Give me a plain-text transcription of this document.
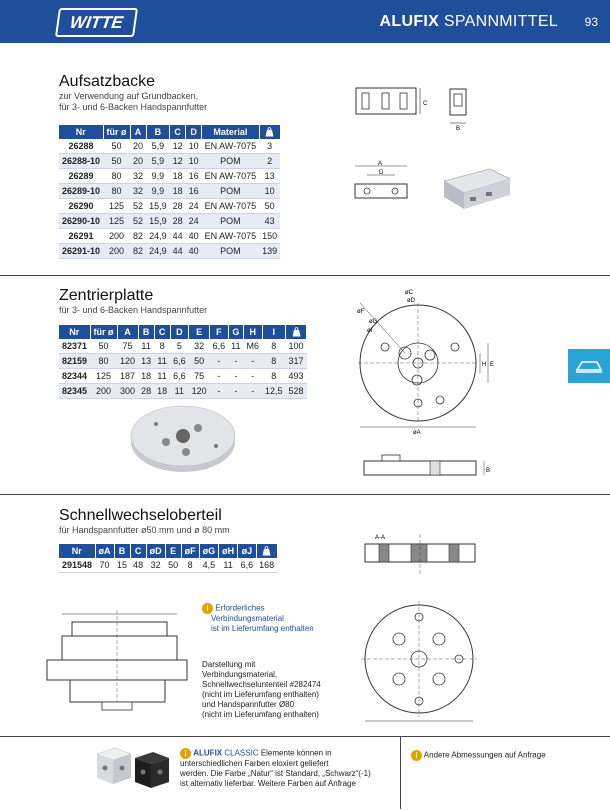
WITTE	ALUFIX SPANNMITTEL 93
Aufsatzbacke
zur Verwendung auf Grundbacken,
für 3- und 6-Backen Handspannfutter
Nr	für ø	A	B	C	D	Material	
26288	50	20	5,9	12	10	EN AW-7075	3
26288-10	50	20	5,9	12	10	POM	2
26289	80	32	9,9	18	16	EN AW-7075	13
26289-10	80	32	9,9	18	16	POM	10
26290	125	52	15,9	28	24	EN AW-7075	50
26290-10	125	52	15,9	28	24	POM	43
26291	200	82	24,9	44	40	EN AW-7075	150
26291-10	200	82	24,9	44	40	POM	139
C
B
A
D
Zentrierplatte
für 3- und 6-Backen Handspannfutter
Nr	für ø	A	B	C	D	E	F	G	H	I	
82371	50	75	11	8	5	32	6,6	11	M6	8	100
82159	80	120	13	11	6,6	50	-	-	-	8	317
82344	125	187	18	11	6,6	75	-	-	-	8	493
82345	200	300	28	18	11	120	-	-	-	12,5	528
øC
øD
øF
øG
øI
H E
øA
B
Schnellwechseloberteil
für Handspannfutter ø50 mm und ø 80 mm
Nr	øA	B	C	øD	E	øF	øG	øH	øJ	
291548	70	15	48	32	50	8	4,5	11	6,6	168
i Erforderliches
Verbindungsmaterial
ist im Lieferumfang enthalten
Darstellung mit
Verbindungsmaterial,
Schnellwechseluntenteil #282474
(nicht im Lieferumfang enthalten)
und Handspannfutter Ø80
(nicht im Lieferumfang enthalten)
A-A
i ALUFIX CLASSIC Elemente können in
unterschiedlichen Farben eloxiert geliefert
werden. Die Farbe „Natur“ ist Standard, „Schwarz“(-1)
ist alternativ lieferbar. Weitere Farben auf Anfrage
i Andere Abmessungen auf Anfrage
